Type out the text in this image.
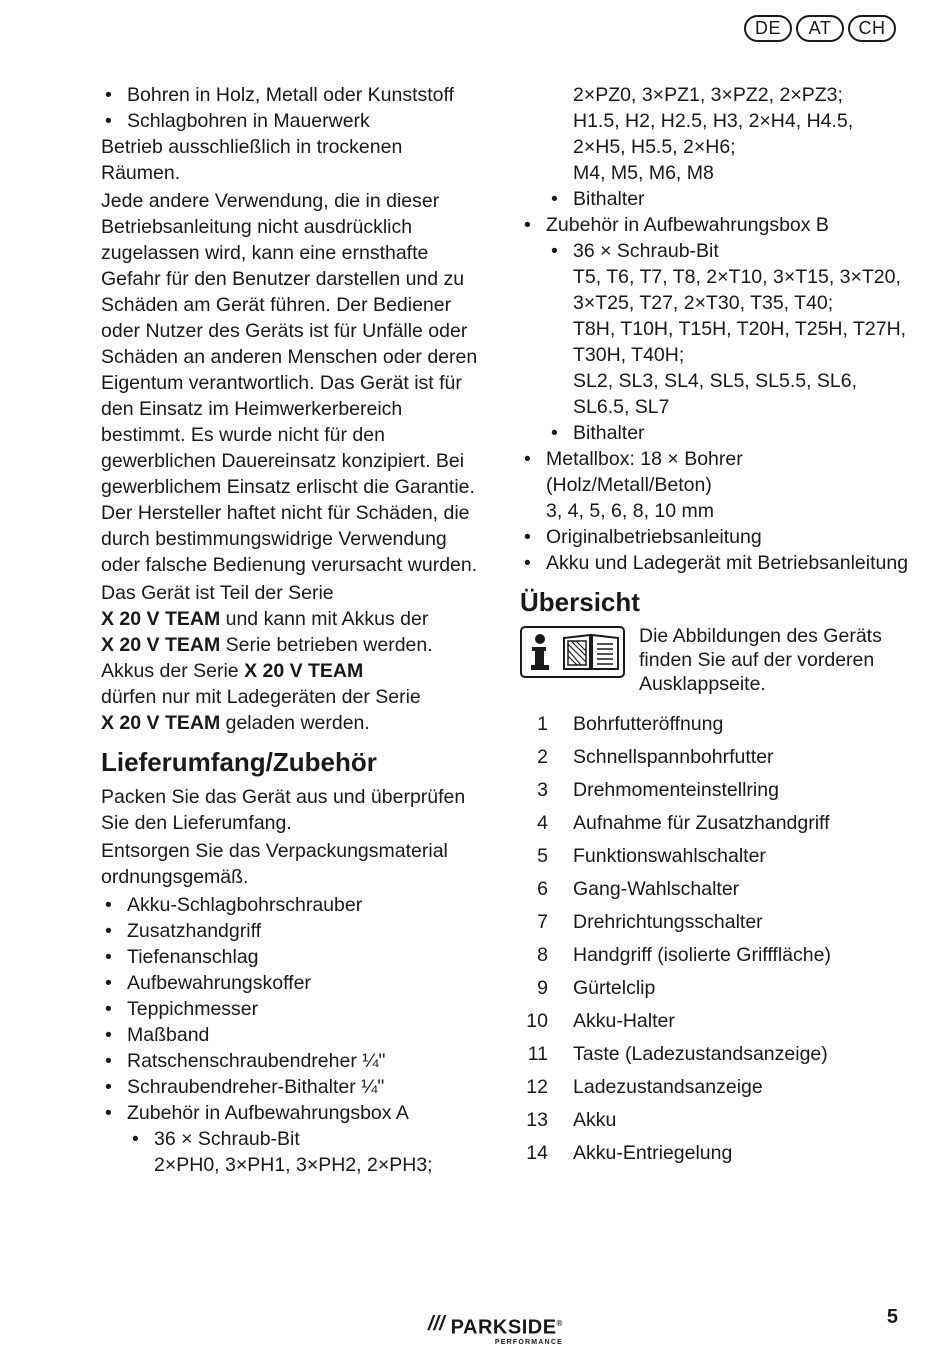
DE	AT	CH
• Bohren in Holz, Metall oder Kunststoff
• Schlagbohren in Mauerwerk

Betrieb ausschließlich in trockenen Räumen.

Jede andere Verwendung, die in dieser Betriebsanleitung nicht ausdrücklich zugelassen wird, kann eine ernsthafte Gefahr für den Benutzer darstellen und zu Schäden am Gerät führen. Der Bediener oder Nutzer des Geräts ist für Unfälle oder Schäden an anderen Menschen oder deren Eigentum verantwortlich. Das Gerät ist für den Einsatz im Heimwerkerbereich bestimmt. Es wurde nicht für den gewerblichen Dauereinsatz konzipiert. Bei gewerblichem Einsatz erlischt die Garantie. Der Hersteller haftet nicht für Schäden, die durch bestimmungswidrige Verwendung oder falsche Bedienung verursacht wurden.

Das Gerät ist Teil der Serie
X 20 V TEAM und kann mit Akkus der
X 20 V TEAM Serie betrieben werden. Akkus der Serie X 20 V TEAM
dürfen nur mit Ladegeräten der Serie
X 20 V TEAM geladen werden.

Lieferumfang/Zubehör

Packen Sie das Gerät aus und überprüfen Sie den Lieferumfang.

Entsorgen Sie das Verpackungsmaterial ordnungsgemäß.

• Akku-Schlagbohrschrauber
• Zusatzhandgriff
• Tiefenanschlag
• Aufbewahrungskoffer
• Teppichmesser
• Maßband
• Ratschenschraubendreher ¼"
• Schraubendreher-Bithalter ¼"
• Zubehör in Aufbewahrungsbox A
• 36 × Schraub-Bit
2×PH0, 3×PH1, 3×PH2, 2×PH3;
2×PZ0, 3×PZ1, 3×PZ2, 2×PZ3;
H1.5, H2, H2.5, H3, 2×H4, H4.5, 2×H5, H5.5, 2×H6;
M4, M5, M6, M8
• Bithalter
• Zubehör in Aufbewahrungsbox B
• 36 × Schraub-Bit
T5, T6, T7, T8, 2×T10, 3×T15, 3×T20, 3×T25, T27, 2×T30, T35, T40;
T8H, T10H, T15H, T20H, T25H, T27H, T30H, T40H;
SL2, SL3, SL4, SL5, SL5.5, SL6, SL6.5, SL7
• Bithalter
• Metallbox: 18 × Bohrer (Holz/Metall/Beton)
3, 4, 5, 6, 8, 10 mm
• Originalbetriebsanleitung
• Akku und Ladegerät mit Betriebsanleitung
Übersicht
Die Abbildungen des Geräts finden Sie auf der vorderen Ausklappseite.
1 Bohrfutteröffnung
2 Schnellspannbohrfutter
3 Drehmomenteinstellring
4 Aufnahme für Zusatzhandgriff
5 Funktionswahlschalter
6 Gang-Wahlschalter
7 Drehrichtungsschalter
8 Handgriff (isolierte Grifffläche)
9 Gürtelclip
10 Akku-Halter
11 Taste (Ladezustandsanzeige)
12 Ladezustandsanzeige
13 Akku
14 Akku-Entriegelung
/// PARKSIDE®
PERFORMANCE
5
